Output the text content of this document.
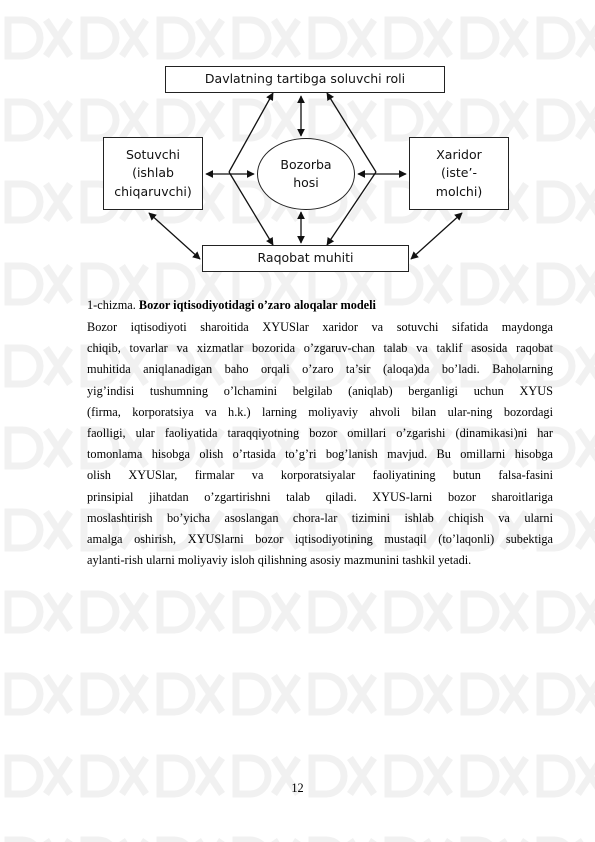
Davlatning tartibga soluvchi roli
Sotuvchi (ishlab chiqaruvchi)
Bozorba hosi
Xaridor (iste’-molchi)
Raqobat muhiti
1-chizma. Bozor iqtisodiyotidagi o’zaro aloqalar modeli
Bozor iqtisodiyoti sharoitida XYUSlar xaridor va sotuvchi sifatida maydonga
chiqib, tovarlar va xizmatlar bozorida o’zgaruv-chan talab va taklif asosida raqobat
muhitida aniqlanadigan baho orqali o’zaro ta’sir (aloqa)da bo’ladi. Baholarning
yig’indisi tushumning o’lchamini belgilab (aniqlab) berganligi uchun XYUS
(firma, korporatsiya va h.k.) larning moliyaviy ahvoli bilan ular-ning bozordagi
faolligi, ular faoliyatida taraqqiyotning bozor omillari o’zgarishi (dinamikasi)ni har
tomonlama hisobga olish o’rtasida to’g’ri bog’lanish mavjud. Bu omillarni hisobga
olish XYUSlar, firmalar va korporatsiyalar faoliyatining butun falsa-fasini
prinsipial jihatdan o’zgartirishni talab qiladi. XYUS-larni bozor sharoitlariga
moslashtirish bo’yicha asoslangan chora-lar tizimini ishlab chiqish va ularni
amalga oshirish, XYUSlarni bozor iqtisodiyotining mustaqil (to’laqonli) subektiga
aylanti-rish ularni moliyaviy isloh qilishning asosiy mazmunini tashkil yetadi.
12
